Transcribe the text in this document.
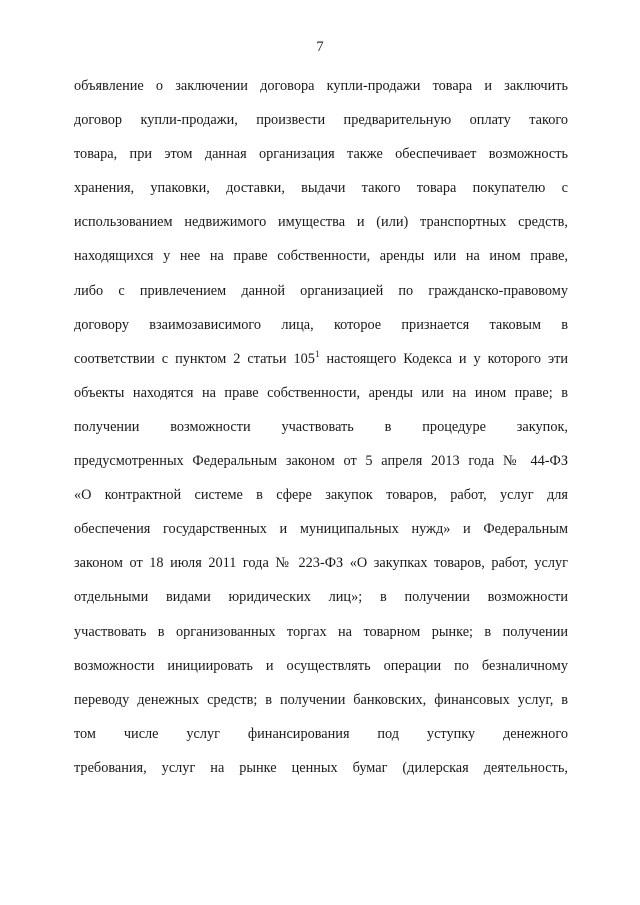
7
объявление о заключении договора купли-продажи товара и заключить
договор купли-продажи, произвести предварительную оплату такого
товара, при этом данная организация также обеспечивает возможность
хранения, упаковки, доставки, выдачи такого товара покупателю с
использованием недвижимого имущества и (или) транспортных средств,
находящихся у нее на праве собственности, аренды или на ином праве,
либо с привлечением данной организацией по гражданско-правовому
договору взаимозависимого лица, которое признается таковым в
соответствии с пунктом 2 статьи $105^1$ настоящего Кодекса и у которого эти
объекты находятся на праве собственности, аренды или на ином праве; в
получении возможности участвовать в процедуре закупок,
предусмотренных Федеральным законом от 5 апреля 2013 года № 44-ФЗ
«О контрактной системе в сфере закупок товаров, работ, услуг для
обеспечения государственных и муниципальных нужд» и Федеральным
законом от 18 июля 2011 года № 223-ФЗ «О закупках товаров, работ, услуг
отдельными видами юридических лиц»; в получении возможности
участвовать в организованных торгах на товарном рынке; в получении
возможности инициировать и осуществлять операции по безналичному
переводу денежных средств; в получении банковских, финансовых услуг, в
том числе услуг финансирования под уступку денежного
требования, услуг на рынке ценных бумаг (дилерская деятельность,
